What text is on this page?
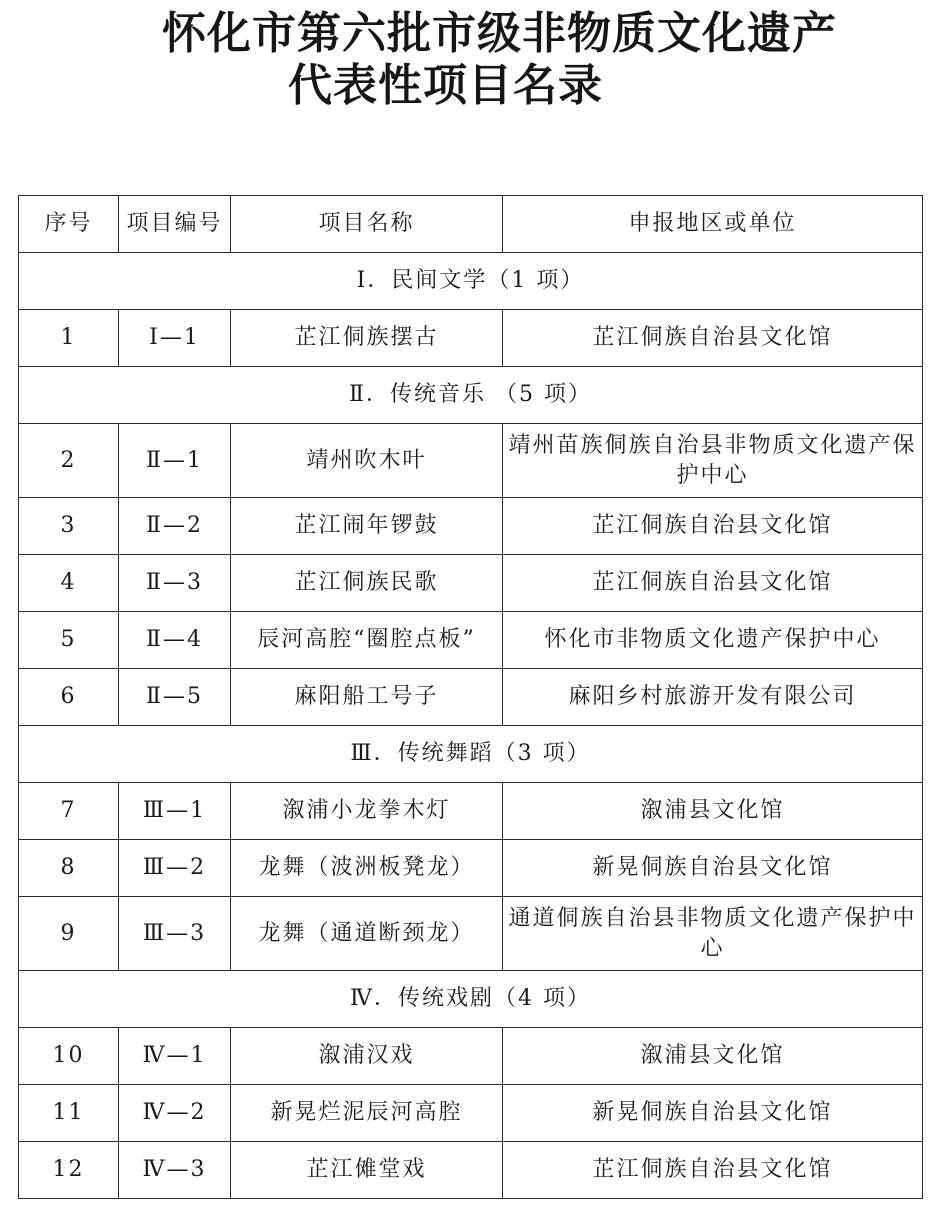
怀化市第六批市级非物质文化遗产
代表性项目名录
序号	项目编号	项目名称	申报地区或单位
Ⅰ．民间文学（1 项）			
1	Ⅰ—1	芷江侗族摆古	芷江侗族自治县文化馆
Ⅱ．传统音乐 （5 项）			
2	Ⅱ—1	靖州吹木叶	靖州苗族侗族自治县非物质文化遗产保护中心
3	Ⅱ—2	芷江闹年锣鼓	芷江侗族自治县文化馆
4	Ⅱ—3	芷江侗族民歌	芷江侗族自治县文化馆
5	Ⅱ—4	辰河高腔“圈腔点板”	怀化市非物质文化遗产保护中心
6	Ⅱ—5	麻阳船工号子	麻阳乡村旅游开发有限公司
Ⅲ．传统舞蹈（3 项）			
7	Ⅲ—1	溆浦小龙拳木灯	溆浦县文化馆
8	Ⅲ—2	龙舞（波洲板凳龙）	新晃侗族自治县文化馆
9	Ⅲ—3	龙舞（通道断颈龙）	通道侗族自治县非物质文化遗产保护中心
Ⅳ．传统戏剧（4 项）			
10	Ⅳ—1	溆浦汉戏	溆浦县文化馆
11	Ⅳ—2	新晃烂泥辰河高腔	新晃侗族自治县文化馆
12	Ⅳ—3	芷江傩堂戏	芷江侗族自治县文化馆
